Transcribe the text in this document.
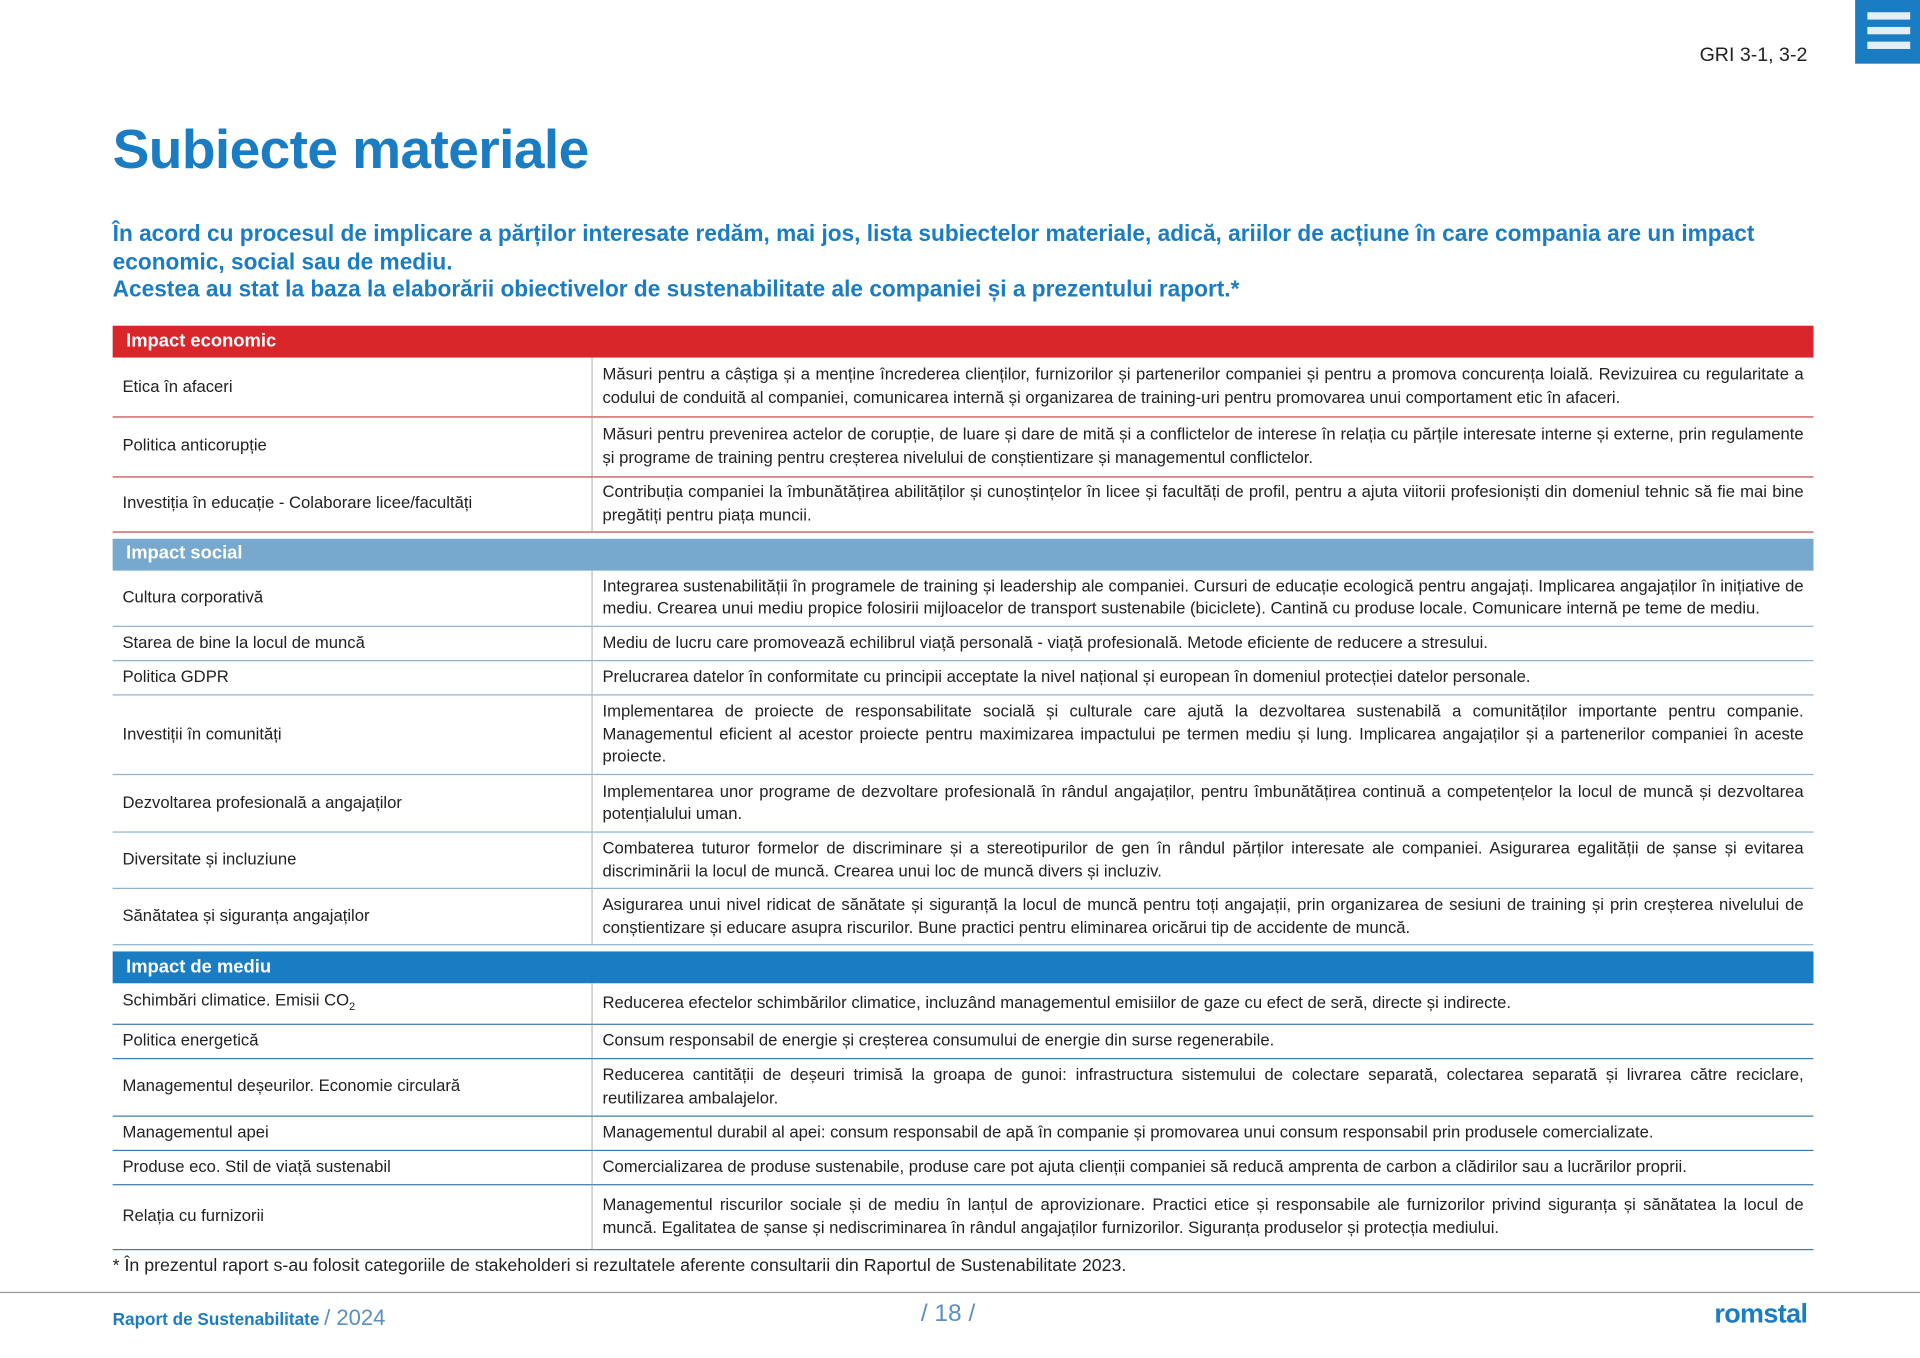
GRI 3-1, 3-2
Subiecte materiale
În acord cu procesul de implicare a părților interesate redăm, mai jos, lista subiectelor materiale, adică, ariilor de acțiune în care compania are un impact economic, social sau de mediu.
Acestea au stat la baza la elaborării obiectivelor de sustenabilitate ale companiei și a prezentului raport.*
Impact economic	
Etica în afaceri	Măsuri pentru a câștiga și a menține încrederea clienților, furnizorilor și partenerilor companiei și pentru a promova concurența loială. Revizuirea cu regularitate a codului de conduită al companiei, comunicarea internă și organizarea de training-uri pentru promovarea unui comportament etic în afaceri.
Politica anticorupție	Măsuri pentru prevenirea actelor de corupție, de luare și dare de mită și a conflictelor de interese în relația cu părțile interesate interne și externe, prin regulamente și programe de training pentru creșterea nivelului de conștientizare și managementul conflictelor.
Investiția în educație - Colaborare licee/facultăți	Contribuția companiei la îmbunătățirea abilităților și cunoștințelor în licee și facultăți de profil, pentru a ajuta viitorii profesioniști din domeniul tehnic să fie mai bine pregătiți pentru piața muncii.

Impact social	
Cultura corporativă	Integrarea sustenabilității în programele de training și leadership ale companiei. Cursuri de educație ecologică pentru angajați. Implicarea angajaților în inițiative de mediu. Crearea unui mediu propice folosirii mijloacelor de transport sustenabile (biciclete). Cantină cu produse locale. Comunicare internă pe teme de mediu.
Starea de bine la locul de muncă	Mediu de lucru care promovează echilibrul viață personală - viață profesională. Metode eficiente de reducere a stresului.
Politica GDPR	Prelucrarea datelor în conformitate cu principii acceptate la nivel național și european în domeniul protecției datelor personale.
Investiții în comunități	Implementarea de proiecte de responsabilitate socială și culturale care ajută la dezvoltarea sustenabilă a comunităților importante pentru companie. Managementul eficient al acestor proiecte pentru maximizarea impactului pe termen mediu și lung. Implicarea angajaților și a partenerilor companiei în aceste proiecte.
Dezvoltarea profesională a angajaților	Implementarea unor programe de dezvoltare profesională în rândul angajaților, pentru îmbunătățirea continuă a competențelor la locul de muncă și dezvoltarea potențialului uman.
Diversitate și incluziune	Combaterea tuturor formelor de discriminare și a stereotipurilor de gen în rândul părților interesate ale companiei. Asigurarea egalității de șanse și evitarea discriminării la locul de muncă. Crearea unui loc de muncă divers și incluziv.
Sănătatea și siguranța angajaților	Asigurarea unui nivel ridicat de sănătate și siguranță la locul de muncă pentru toți angajații, prin organizarea de sesiuni de training și prin creșterea nivelului de conștientizare și educare asupra riscurilor. Bune practici pentru eliminarea oricărui tip de accidente de muncă.

Impact de mediu	
Schimbări climatice. Emisii $CO_2$	Reducerea efectelor schimbărilor climatice, incluzând managementul emisiilor de gaze cu efect de seră, directe și indirecte.
Politica energetică	Consum responsabil de energie și creșterea consumului de energie din surse regenerabile.
Managementul deșeurilor. Economie circulară	Reducerea cantității de deșeuri trimisă la groapa de gunoi: infrastructura sistemului de colectare separată, colectarea separată și livrarea către reciclare, reutilizarea ambalajelor.
Managementul apei	Managementul durabil al apei: consum responsabil de apă în companie și promovarea unui consum responsabil prin produsele comercializate.
Produse eco. Stil de viață sustenabil	Comercializarea de produse sustenabile, produse care pot ajuta clienții companiei să reducă amprenta de carbon a clădirilor sau a lucrărilor proprii.
Relația cu furnizorii	Managementul riscurilor sociale și de mediu în lanțul de aprovizionare. Practici etice și responsabile ale furnizorilor privind siguranța și sănătatea la locul de muncă. Egalitatea de șanse și nediscriminarea în rândul angajaților furnizorilor. Siguranța produselor și protecția mediului.
* În prezentul raport s-au folosit categoriile de stakeholderi si rezultatele aferente consultarii din Raportul de Sustenabilitate 2023.
Raport de Sustenabilitate / 2024	/ 18 /	romstal
